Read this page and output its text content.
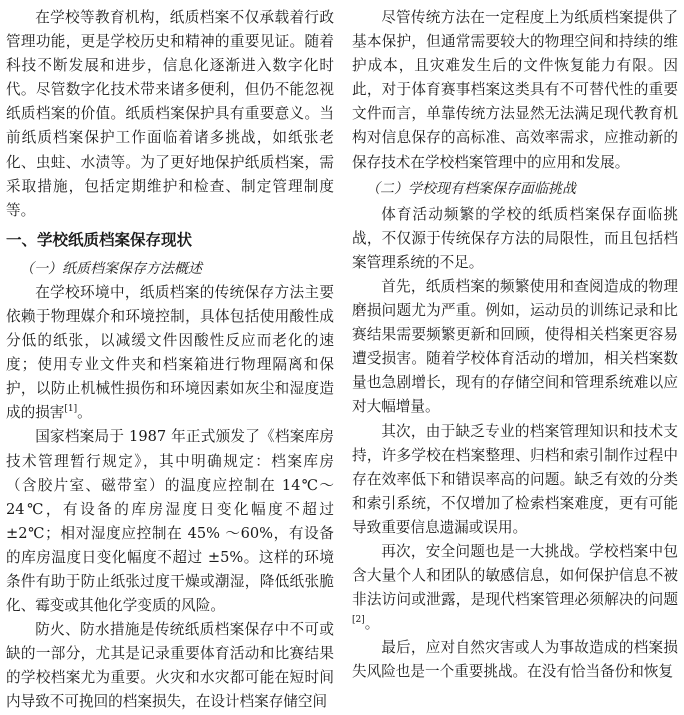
在学校等教育机构，纸质档案不仅承载着行政管理功能，更是学校历史和精神的重要见证。随着科技不断发展和进步，信息化逐渐进入数字化时代。尽管数字化技术带来诸多便利，但仍不能忽视纸质档案的价值。纸质档案保护具有重要意义。当前纸质档案保护工作面临着诸多挑战，如纸张老化、虫蛀、水渍等。为了更好地保护纸质档案，需采取措施，包括定期维护和检查、制定管理制度等。

一、学校纸质档案保存现状
（一）纸质档案保存方法概述

在学校环境中，纸质档案的传统保存方法主要依赖于物理媒介和环境控制，具体包括使用酸性成分低的纸张，以减缓文件因酸性反应而老化的速度；使用专业文件夹和档案箱进行物理隔离和保护，以防止机械性损伤和环境因素如灰尘和湿度造成的损害[1]。

国家档案局于 1987 年正式颁发了《档案库房技术管理暂行规定》，其中明确规定：档案库房（含胶片室、磁带室）的温度应控制在 14℃～24℃，有设备的库房湿度日变化幅度不超过 ±2℃；相对湿度应控制在 45% ～60%，有设备的库房温度日变化幅度不超过 ±5%。这样的环境条件有助于防止纸张过度干燥或潮湿，降低纸张脆化、霉变或其他化学变质的风险。

防火、防水措施是传统纸质档案保存中不可或缺的一部分，尤其是记录重要体育活动和比赛结果的学校档案尤为重要。火灾和水灾都可能在短时间内导致不可挽回的档案损失，在设计档案存储空间

尽管传统方法在一定程度上为纸质档案提供了基本保护，但通常需要较大的物理空间和持续的维护成本，且灾难发生后的文件恢复能力有限。因此，对于体育赛事档案这类具有不可替代性的重要文件而言，单靠传统方法显然无法满足现代教育机构对信息保存的高标准、高效率需求，应推动新的保存技术在学校档案管理中的应用和发展。

（二）学校现有档案保存面临挑战

体育活动频繁的学校的纸质档案保存面临挑战，不仅源于传统保存方法的局限性，而且包括档案管理系统的不足。

首先，纸质档案的频繁使用和查阅造成的物理磨损问题尤为严重。例如，运动员的训练记录和比赛结果需要频繁更新和回顾，使得相关档案更容易遭受损害。随着学校体育活动的增加，相关档案数量也急剧增长，现有的存储空间和管理系统难以应对大幅增量。

其次，由于缺乏专业的档案管理知识和技术支持，许多学校在档案整理、归档和索引制作过程中存在效率低下和错误率高的问题。缺乏有效的分类和索引系统，不仅增加了检索档案难度，更有可能导致重要信息遗漏或误用。

再次，安全问题也是一大挑战。学校档案中包含大量个人和团队的敏感信息，如何保护信息不被非法访问或泄露，是现代档案管理必须解决的问题[2]。

最后，应对自然灾害或人为事故造成的档案损失风险也是一个重要挑战。在没有恰当备份和恢复
